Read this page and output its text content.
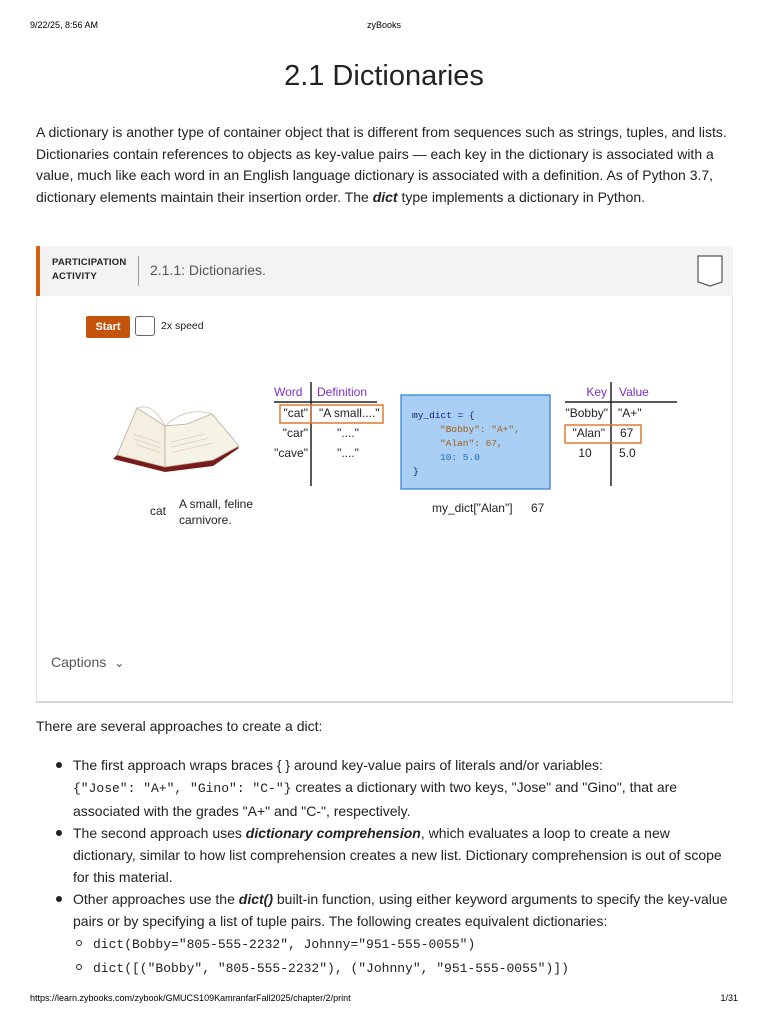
9/22/25, 8:56 AM	zyBooks
2.1 Dictionaries

A dictionary is another type of container object that is different from sequences such as strings, tuples, and lists. Dictionaries contain references to objects as key-value pairs — each key in the dictionary is associated with a value, much like each word in an English language dictionary is associated with a definition. As of Python 3.7, dictionary elements maintain their insertion order. The dict type implements a dictionary in Python.

PARTICIPATION ACTIVITY	2.1.1: Dictionaries.
Start	2x speed
cat A small, feline
carnivore.
Word Definition
"cat" "A small...."
"car" "...."
"cave" "...."
my_dict = {
"Bobby": "A+",
"Alan": 67,
10: 5.0
}
my_dict["Alan"] 67
Key Value
"Bobby" "A+"
"Alan" 67
10 5.0
Captions ⌄

There are several approaches to create a dict:

The first approach wraps braces { } around key-value pairs of literals and/or variables:
{"Jose": "A+", "Gino": "C-"} creates a dictionary with two keys, "Jose" and "Gino", that are associated with the grades "A+" and "C-", respectively.
The second approach uses dictionary comprehension, which evaluates a loop to create a new dictionary, similar to how list comprehension creates a new list. Dictionary comprehension is out of scope for this material.
Other approaches use the dict() built-in function, using either keyword arguments to specify the key-value pairs or by specifying a list of tuple pairs. The following creates equivalent dictionaries:
dict(Bobby="805-555-2232", Johnny="951-555-0055")
dict([("Bobby", "805-555-2232"), ("Johnny", "951-555-0055")])
https://learn.zybooks.com/zybook/GMUCS109KamranfarFall2025/chapter/2/print	1/31
